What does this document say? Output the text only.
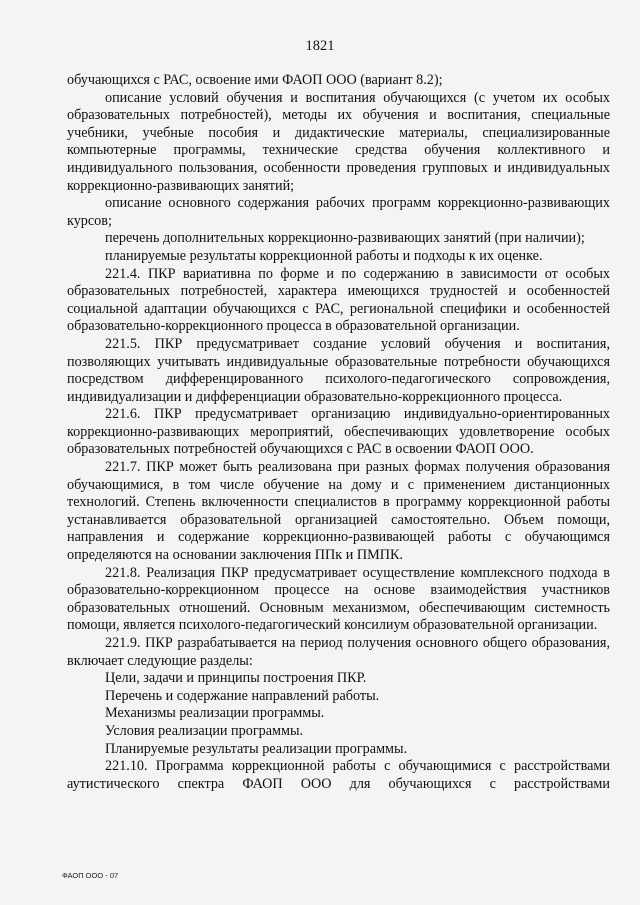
1821

обучающихся с РАС, освоение ими ФАОП ООО (вариант 8.2);

описание условий обучения и воспитания обучающихся (с учетом их особых образовательных потребностей), методы их обучения и воспитания, специальные учебники, учебные пособия и дидактические материалы, специализированные компьютерные программы, технические средства обучения коллективного и индивидуального пользования, особенности проведения групповых и индивидуальных коррекционно-развивающих занятий;

описание основного содержания рабочих программ коррекционно-развивающих курсов;

перечень дополнительных коррекционно-развивающих занятий (при наличии);

планируемые результаты коррекционной работы и подходы к их оценке.

221.4. ПКР вариативна по форме и по содержанию в зависимости от особых образовательных потребностей, характера имеющихся трудностей и особенностей социальной адаптации обучающихся с РАС, региональной специфики и особенностей образовательно-коррекционного процесса в образовательной организации.

221.5. ПКР предусматривает создание условий обучения и воспитания, позволяющих учитывать индивидуальные образовательные потребности обучающихся посредством дифференцированного психолого-педагогического сопровождения, индивидуализации и дифференциации образовательно-коррекционного процесса.

221.6. ПКР предусматривает организацию индивидуально-ориентированных коррекционно-развивающих мероприятий, обеспечивающих удовлетворение особых образовательных потребностей обучающихся с РАС в освоении ФАОП ООО.

221.7. ПКР может быть реализована при разных формах получения образования обучающимися, в том числе обучение на дому и с применением дистанционных технологий. Степень включенности специалистов в программу коррекционной работы устанавливается образовательной организацией самостоятельно. Объем помощи, направления и содержание коррекционно-развивающей работы с обучающимся определяются на основании заключения ППк и ПМПК.

221.8. Реализация ПКР предусматривает осуществление комплексного подхода в образовательно-коррекционном процессе на основе взаимодействия участников образовательных отношений. Основным механизмом, обеспечивающим системность помощи, является психолого-педагогический консилиум образовательной организации.

221.9. ПКР разрабатывается на период получения основного общего образования, включает следующие разделы:

Цели, задачи и принципы построения ПКР.

Перечень и содержание направлений работы.

Механизмы реализации программы.

Условия реализации программы.

Планируемые результаты реализации программы.

221.10. Программа коррекционной работы с обучающимися с расстройствами аутистического спектра ФАОП ООО для обучающихся с расстройствами

ФАОП ООО - 07
